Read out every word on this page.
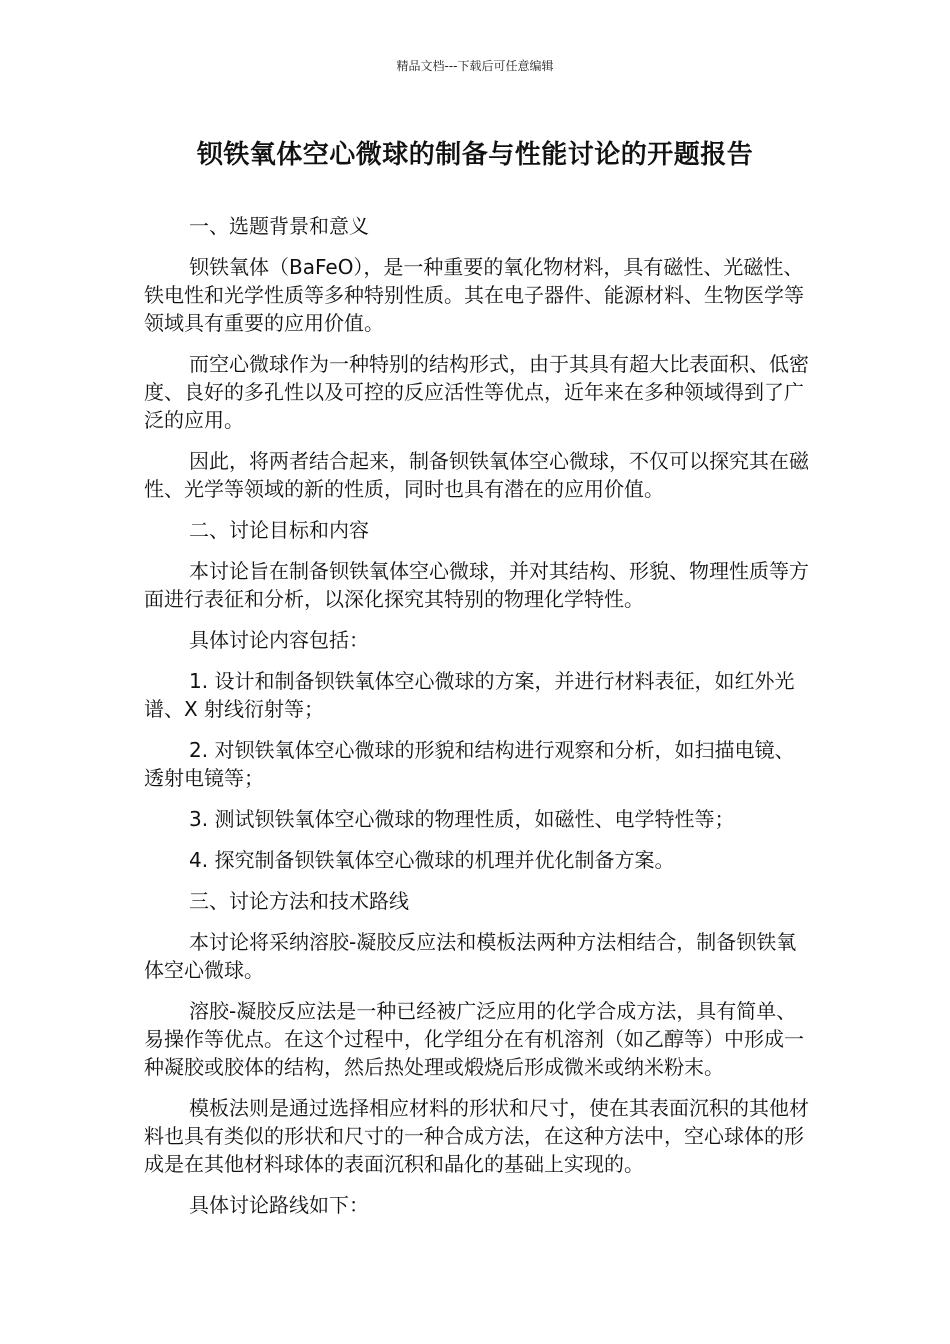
精品文档---下载后可任意编辑
钡铁氧体空心微球的制备与性能讨论的开题报告

一、选题背景和意义

钡铁氧体（BaFeO），是一种重要的氧化物材料，具有磁性、光磁性、铁电性和光学性质等多种特别性质。其在电子器件、能源材料、生物医学等领域具有重要的应用价值。

而空心微球作为一种特别的结构形式，由于其具有超大比表面积、低密度、良好的多孔性以及可控的反应活性等优点，近年来在多种领域得到了广泛的应用。

因此，将两者结合起来，制备钡铁氧体空心微球，不仅可以探究其在磁性、光学等领域的新的性质，同时也具有潜在的应用价值。

二、讨论目标和内容

本讨论旨在制备钡铁氧体空心微球，并对其结构、形貌、物理性质等方面进行表征和分析，以深化探究其特别的物理化学特性。

具体讨论内容包括：

1. 设计和制备钡铁氧体空心微球的方案，并进行材料表征，如红外光谱、X 射线衍射等；

2. 对钡铁氧体空心微球的形貌和结构进行观察和分析，如扫描电镜、透射电镜等；

3. 测试钡铁氧体空心微球的物理性质，如磁性、电学特性等；

4. 探究制备钡铁氧体空心微球的机理并优化制备方案。

三、讨论方法和技术路线

本讨论将采纳溶胶-凝胶反应法和模板法两种方法相结合，制备钡铁氧体空心微球。

溶胶-凝胶反应法是一种已经被广泛应用的化学合成方法，具有简单、易操作等优点。在这个过程中，化学组分在有机溶剂（如乙醇等）中形成一种凝胶或胶体的结构，然后热处理或煅烧后形成微米或纳米粉末。

模板法则是通过选择相应材料的形状和尺寸，使在其表面沉积的其他材料也具有类似的形状和尺寸的一种合成方法，在这种方法中，空心球体的形成是在其他材料球体的表面沉积和晶化的基础上实现的。

具体讨论路线如下：
